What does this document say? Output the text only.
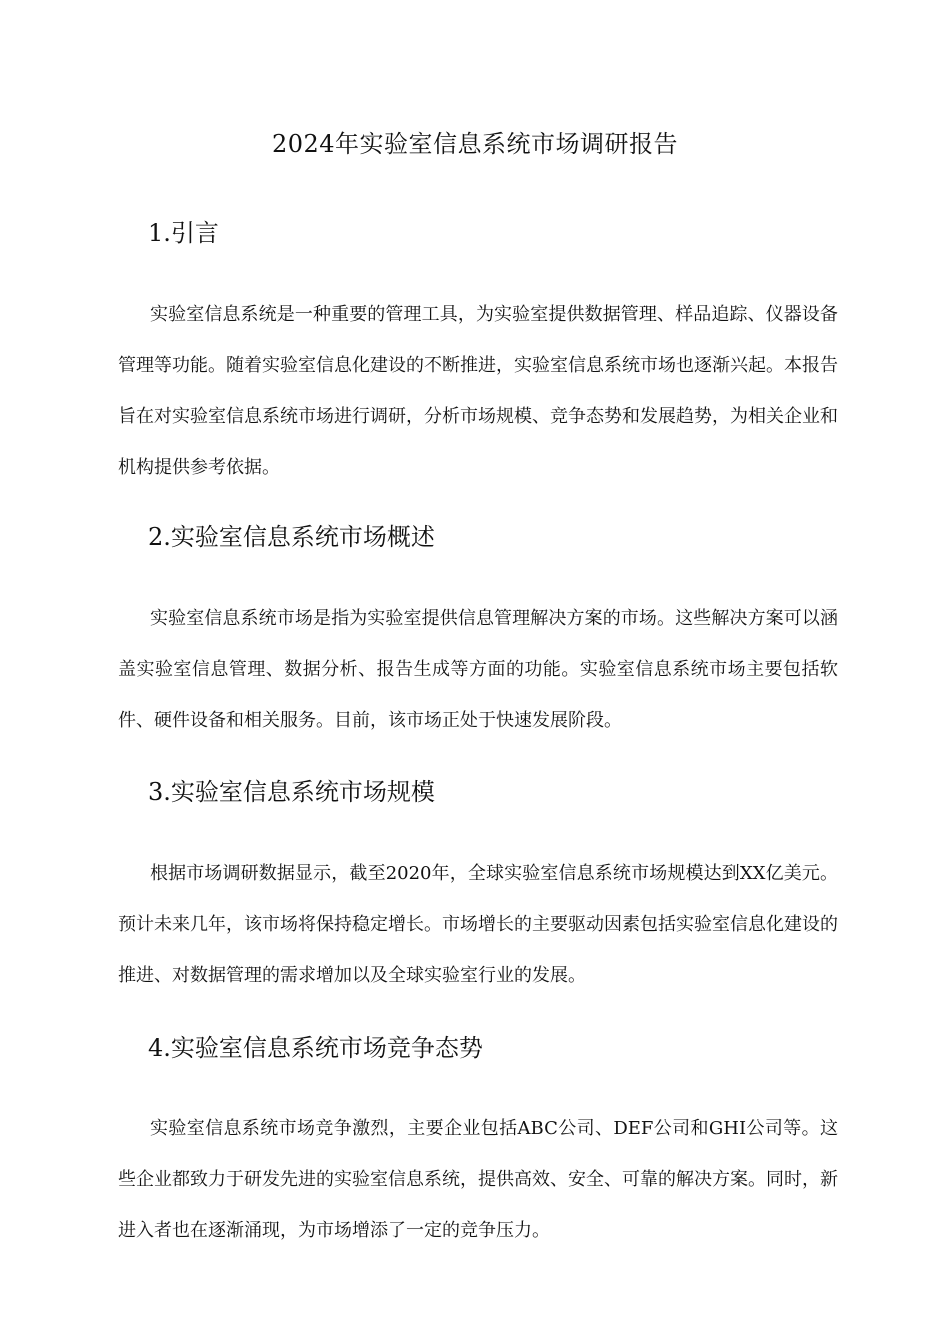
2024年实验室信息系统市场调研报告
1.引言

实验室信息系统是一种重要的管理工具，为实验室提供数据管理、样品追踪、仪器设备管理等功能。随着实验室信息化建设的不断推进，实验室信息系统市场也逐渐兴起。本报告旨在对实验室信息系统市场进行调研，分析市场规模、竞争态势和发展趋势，为相关企业和机构提供参考依据。

2.实验室信息系统市场概述

实验室信息系统市场是指为实验室提供信息管理解决方案的市场。这些解决方案可以涵盖实验室信息管理、数据分析、报告生成等方面的功能。实验室信息系统市场主要包括软件、硬件设备和相关服务。目前，该市场正处于快速发展阶段。

3.实验室信息系统市场规模

根据市场调研数据显示，截至2020年，全球实验室信息系统市场规模达到XX亿美元。预计未来几年，该市场将保持稳定增长。市场增长的主要驱动因素包括实验室信息化建设的推进、对数据管理的需求增加以及全球实验室行业的发展。

4.实验室信息系统市场竞争态势

实验室信息系统市场竞争激烈，主要企业包括ABC公司、DEF公司和GHI公司等。这些企业都致力于研发先进的实验室信息系统，提供高效、安全、可靠的解决方案。同时，新进入者也在逐渐涌现，为市场增添了一定的竞争压力。
